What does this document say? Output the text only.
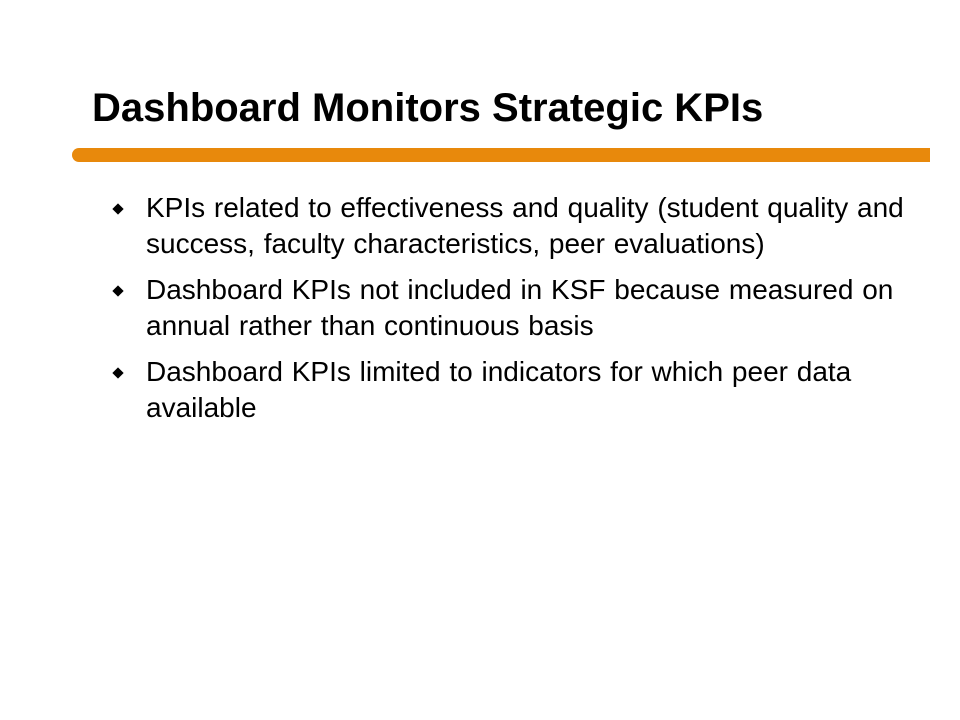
Dashboard Monitors Strategic KPIs
KPIs related to effectiveness and quality (student quality and success, faculty characteristics, peer evaluations)
Dashboard KPIs not included in KSF because measured on annual rather than continuous basis
Dashboard KPIs limited to indicators for which peer data available
